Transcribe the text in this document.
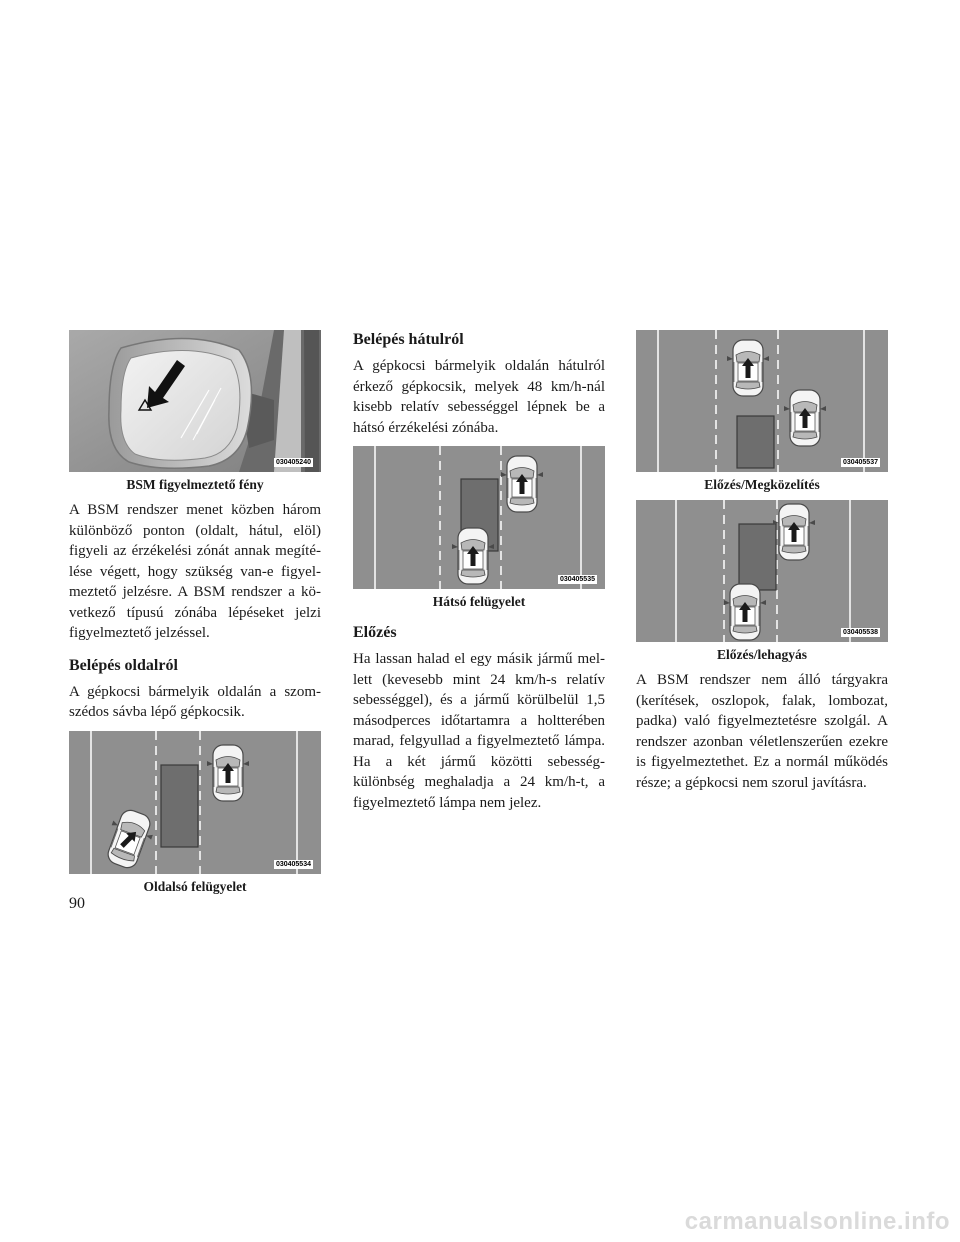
030405240
BSM figyelmeztető fény

A BSM rendszer menet közben három különböző ponton (oldalt, hátul, elöl) figyeli az érzékelési zónát annak megítélése végett, hogy szükség van-e figyelmeztető jelzésre. A BSM rendszer a következő típusú zónába lépéseket jelzi figyelmeztető jelzéssel.

Belépés oldalról

A gépkocsi bármelyik oldalán a szomszédos sávba lépő gépkocsik.

030405534
Oldalsó felügyelet
Belépés hátulról

A gépkocsi bármelyik oldalán hátulról érkező gépkocsik, melyek 48 km/h-nál kisebb relatív sebességgel lépnek be a hátsó érzékelési zónába.

030405535
Hátsó felügyelet
Előzés

Ha lassan halad el egy másik jármű mellett (kevesebb mint 24 km/h-s relatív sebességgel), és a jármű körülbelül 1,5 másodperces időtartamra a holtterében marad, felgyullad a figyelmeztető lámpa. Ha a két jármű közötti sebességkülönbség meghaladja a 24 km/h-t, a figyelmeztető lámpa nem jelez.

030405537
Előzés/Megközelítés
030405538
Előzés/lehagyás

A BSM rendszer nem álló tárgyakra (kerítések, oszlopok, falak, lombozat, padka) való figyelmeztetésre szolgál. A rendszer azonban véletlenszerűen ezekre is figyelmeztethet. Ez a normál működés része; a gépkocsi nem szorul javításra.

90
carmanualsonline.info
